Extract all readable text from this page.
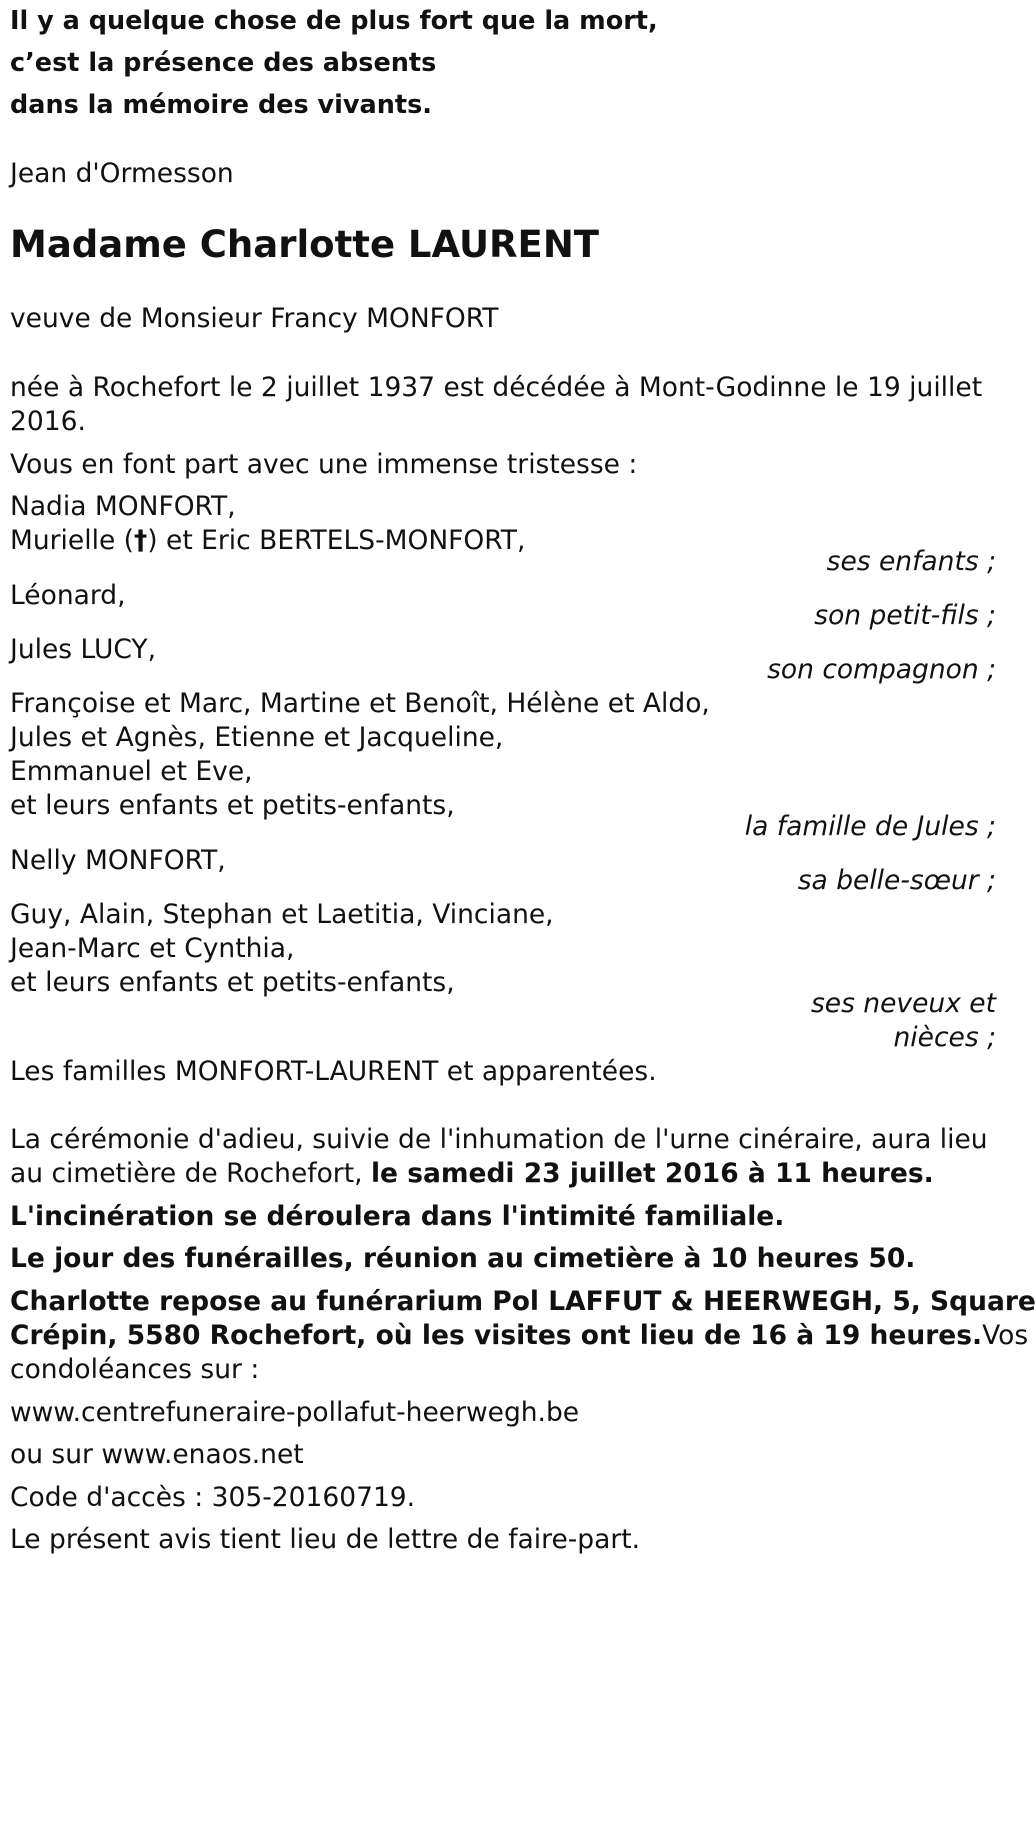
Il y a quelque chose de plus fort que la mort,
c’est la présence des absents
dans la mémoire des vivants.
Jean d'Ormesson
Madame Charlotte LAURENT
veuve de Monsieur Francy MONFORT
née à Rochefort le 2 juillet 1937 est décédée à Mont-Godinne le 19 juillet
2016.
Vous en font part avec une immense tristesse :
Nadia MONFORT,
Murielle (†) et Eric BERTELS-MONFORT,
ses enfants ;
Léonard,
son petit-fils ;
Jules LUCY,
son compagnon ;
Françoise et Marc, Martine et Benoît, Hélène et Aldo,
Jules et Agnès, Etienne et Jacqueline,
Emmanuel et Eve,
et leurs enfants et petits-enfants,
la famille de Jules ;
Nelly MONFORT,
sa belle-sœur ;
Guy, Alain, Stephan et Laetitia, Vinciane,
Jean-Marc et Cynthia,
et leurs enfants et petits-enfants,
ses neveux et
nièces ;
Les familles MONFORT-LAURENT et apparentées.
La cérémonie d'adieu, suivie de l'inhumation de l'urne cinéraire, aura lieu
au cimetière de Rochefort, le samedi 23 juillet 2016 à 11 heures.
L'incinération se déroulera dans l'intimité familiale.
Le jour des funérailles, réunion au cimetière à 10 heures 50.
Charlotte repose au funérarium Pol LAFFUT & HEERWEGH, 5, Square
Crépin, 5580 Rochefort, où les visites ont lieu de 16 à 19 heures.Vos
condoléances sur :
www.centrefuneraire-pollafut-heerwegh.be
ou sur www.enaos.net
Code d'accès : 305-20160719.
Le présent avis tient lieu de lettre de faire-part.
